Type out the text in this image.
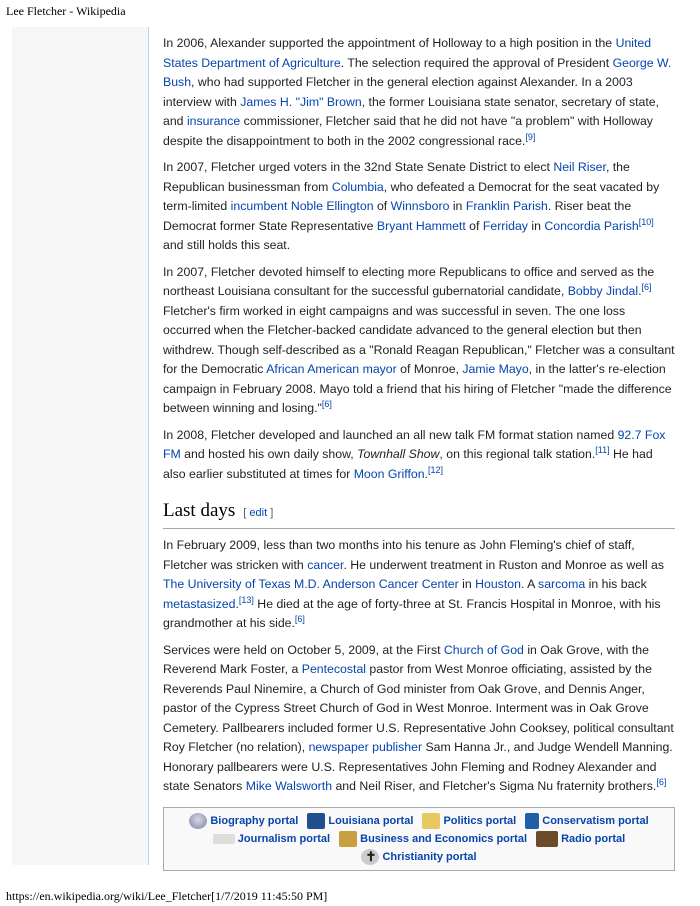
Lee Fletcher - Wikipedia

In 2006, Alexander supported the appointment of Holloway to a high position in the United States Department of Agriculture. The selection required the approval of President George W. Bush, who had supported Fletcher in the general election against Alexander. In a 2003 interview with James H. "Jim" Brown, the former Louisiana state senator, secretary of state, and insurance commissioner, Fletcher said that he did not have "a problem" with Holloway despite the disappointment to both in the 2002 congressional race.[9]

In 2007, Fletcher urged voters in the 32nd State Senate District to elect Neil Riser, the Republican businessman from Columbia, who defeated a Democrat for the seat vacated by term-limited incumbent Noble Ellington of Winnsboro in Franklin Parish. Riser beat the Democrat former State Representative Bryant Hammett of Ferriday in Concordia Parish[10] and still holds this seat.

In 2007, Fletcher devoted himself to electing more Republicans to office and served as the northeast Louisiana consultant for the successful gubernatorial candidate, Bobby Jindal.[6] Fletcher's firm worked in eight campaigns and was successful in seven. The one loss occurred when the Fletcher-backed candidate advanced to the general election but then withdrew. Though self-described as a "Ronald Reagan Republican," Fletcher was a consultant for the Democratic African American mayor of Monroe, Jamie Mayo, in the latter's re-election campaign in February 2008. Mayo told a friend that his hiring of Fletcher "made the difference between winning and losing."[6]

In 2008, Fletcher developed and launched an all new talk FM format station named 92.7 Fox FM and hosted his own daily show, Townhall Show, on this regional talk station.[11] He had also earlier substituted at times for Moon Griffon.[12]

Last days [ edit ]

In February 2009, less than two months into his tenure as John Fleming's chief of staff, Fletcher was stricken with cancer. He underwent treatment in Ruston and Monroe as well as The University of Texas M.D. Anderson Cancer Center in Houston. A sarcoma in his back metastasized.[13] He died at the age of forty-three at St. Francis Hospital in Monroe, with his grandmother at his side.[6]

Services were held on October 5, 2009, at the First Church of God in Oak Grove, with the Reverend Mark Foster, a Pentecostal pastor from West Monroe officiating, assisted by the Reverends Paul Ninemire, a Church of God minister from Oak Grove, and Dennis Anger, pastor of the Cypress Street Church of God in West Monroe. Interment was in Oak Grove Cemetery. Pallbearers included former U.S. Representative John Cooksey, political consultant Roy Fletcher (no relation), newspaper publisher Sam Hanna Jr., and Judge Wendell Manning. Honorary pallbearers were U.S. Representatives John Fleming and Rodney Alexander and state Senators Mike Walsworth and Neil Riser, and Fletcher's Sigma Nu fraternity brothers.[6]

Biography portal	Louisiana portal	Politics portal Conservatism portal
Journalism portal	Business and Economics portal	Radio portal
✝Christianity portal
https://en.wikipedia.org/wiki/Lee_Fletcher[1/7/2019 11:45:50 PM]
